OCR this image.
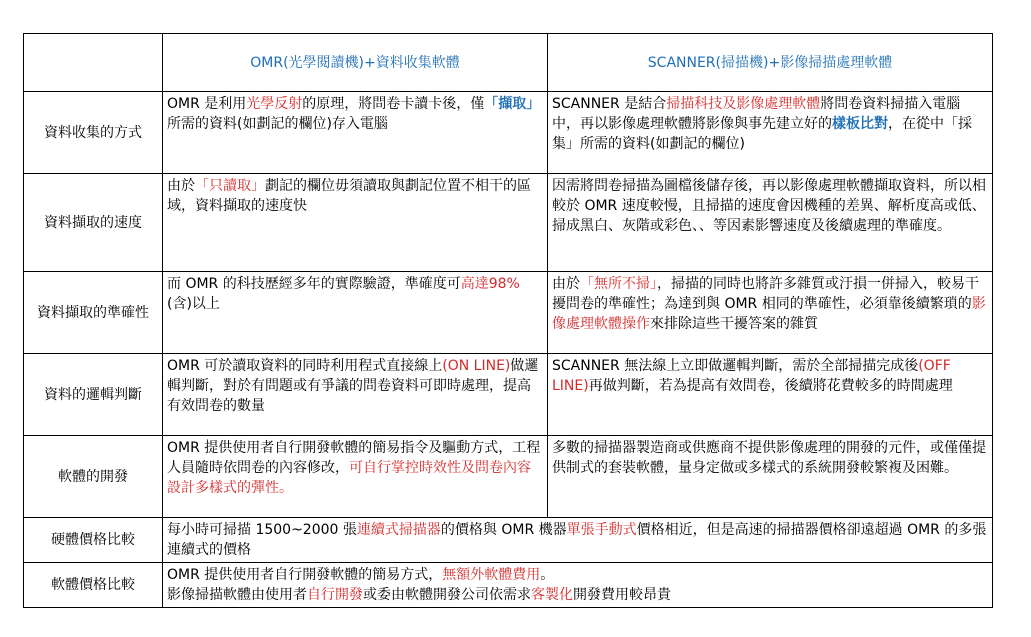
	OMR(光學閱讀機)+資料收集軟體	SCANNER(掃描機)+影像掃描處理軟體
資料收集的方式	OMR 是利用光學反射的原理，將問卷卡讀卡後，僅「擷取」所需的資料(如劃記的欄位)存入電腦	SCANNER 是結合掃描科技及影像處理軟體將問卷資料掃描入電腦中，再以影像處理軟體將影像與事先建立好的樣板比對，在從中「採集」所需的資料(如劃記的欄位)
資料擷取的速度	由於「只讀取」劃記的欄位毋須讀取與劃記位置不相干的區域，資料擷取的速度快	因需將問卷掃描為圖檔後儲存後，再以影像處理軟體擷取資料，所以相較於 OMR 速度較慢，且掃描的速度會因機種的差異、解析度高或低、掃成黑白、灰階或彩色、、等因素影響速度及後續處理的準確度。
資料擷取的準確性	而 OMR 的科技歷經多年的實際驗證，準確度可高達98%(含)以上	由於「無所不掃」，掃描的同時也將許多雜質或汙損一併掃入，較易干擾問卷的準確性；為達到與 OMR 相同的準確性，必須靠後續繁瑣的影像處理軟體操作來排除這些干擾答案的雜質
資料的邏輯判斷	OMR 可於讀取資料的同時利用程式直接線上(ON LINE)做邏輯判斷，對於有問題或有爭議的問卷資料可即時處理，提高有效問卷的數量	SCANNER 無法線上立即做邏輯判斷，需於全部掃描完成後(OFF LINE)再做判斷，若為提高有效問卷，後續將花費較多的時間處理
軟體的開發	OMR 提供使用者自行開發軟體的簡易指令及驅動方式，工程人員隨時依問卷的內容修改，可自行掌控時效性及問卷內容設計多樣式的彈性。	多數的掃描器製造商或供應商不提供影像處理的開發的元件，或僅僅提供制式的套裝軟體，量身定做或多樣式的系統開發較繁複及困難。
硬體價格比較	每小時可掃描 1500~2000 張連續式掃描器的價格與 OMR 機器單張手動式價格相近，但是高速的掃描器價格卻遠超過 OMR 的多張連續式的價格	
軟體價格比較	OMR 提供使用者自行開發軟體的簡易方式，無額外軟體費用。
影像掃描軟體由使用者自行開發或委由軟體開發公司依需求客製化開發費用較昂貴	
